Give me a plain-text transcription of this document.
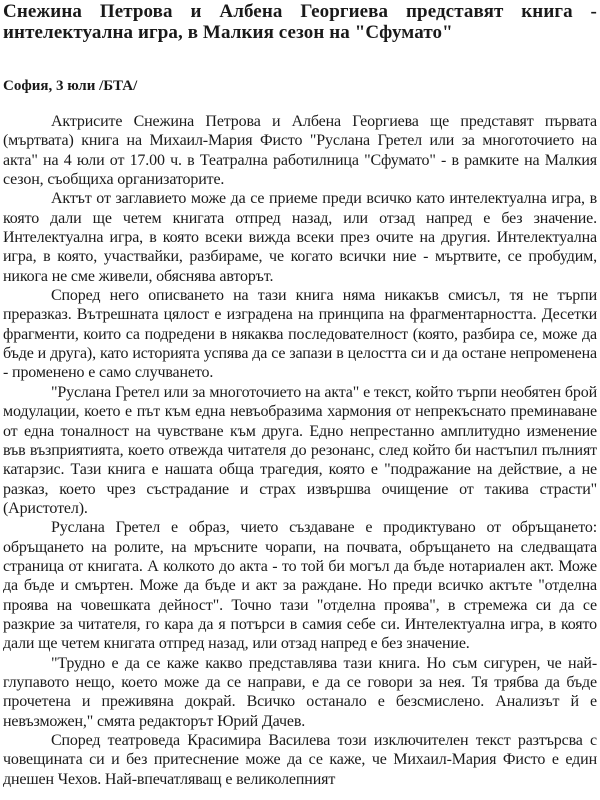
Снежина Петрова и Албена Георгиева представят книга - интелектуална игра, в Малкия сезон на "Сфумато"

София, 3 юли /БТА/

Актрисите Снежина Петрова и Албена Георгиева ще представят първата (мъртвата) книга на Михаил-Мария Фисто "Руслана Гретел или за многоточието на акта" на 4 юли от 17.00 ч. в Театрална работилница "Сфумато" - в рамките на Малкия сезон, съобщиха организаторите.

Актът от заглавието може да се приеме преди всичко като интелектуална игра, в която дали ще четем книгата отпред назад, или отзад напред е без значение. Интелектуална игра, в която всеки вижда всеки през очите на другия. Интелектуална игра, в която, участвайки, разбираме, че когато всички ние - мъртвите, се пробудим, никога не сме живели, обяснява авторът.

Според него описването на тази книга няма никакъв смисъл, тя не търпи преразказ. Вътрешната цялост е изградена на принципа на фрагментарността. Десетки фрагменти, които са подредени в някаква последователност (която, разбира се, може да бъде и друга), като историята успява да се запази в целостта си и да остане непроменена - променено е само случването.

"Руслана Гретел или за многоточието на акта" е текст, който търпи необятен брой модулации, което е път към една невъобразима хармония от непрекъснато преминаване от една тоналност на чувстване към друга. Едно непрестанно амплитудно изменение във възприятията, което отвежда читателя до резонанс, след който би настъпил пълният катарзис. Тази книга е нашата обща трагедия, която е "подражание на действие, а не разказ, което чрез състрадание и страх извършва очищение от такива страсти" (Аристотел).

Руслана Гретел е образ, чието създаване е продиктувано от обръщането: обръщането на ролите, на мръсните чорапи, на почвата, обръщането на следващата страница от книгата. А колкото до акта - то той би могъл да бъде нотариален акт. Може да бъде и смъртен. Може да бъде и акт за раждане. Но преди всичко актъте "отделна проява на човешката дейност". Точно тази "отделна проява", в стремежа си да се разкрие за читателя, го кара да я потърси в самия себе си. Интелектуална игра, в която дали ще четем книгата отпред назад, или отзад напред е без значение.

"Трудно е да се каже какво представлява тази книга. Но съм сигурен, че най-глупавото нещо, което може да се направи, е да се говори за нея. Тя трябва да бъде прочетена и преживяна докрай. Всичко останало е безсмислено. Анализът й е невъзможен," смята редакторът Юрий Дачев.

Според театроведа Красимира Василева този изключителен текст разтърсва с човещината си и без притеснение може да се каже, че Михаил-Мария Фисто е един днешен Чехов. Най-впечатляващ е великолепният
